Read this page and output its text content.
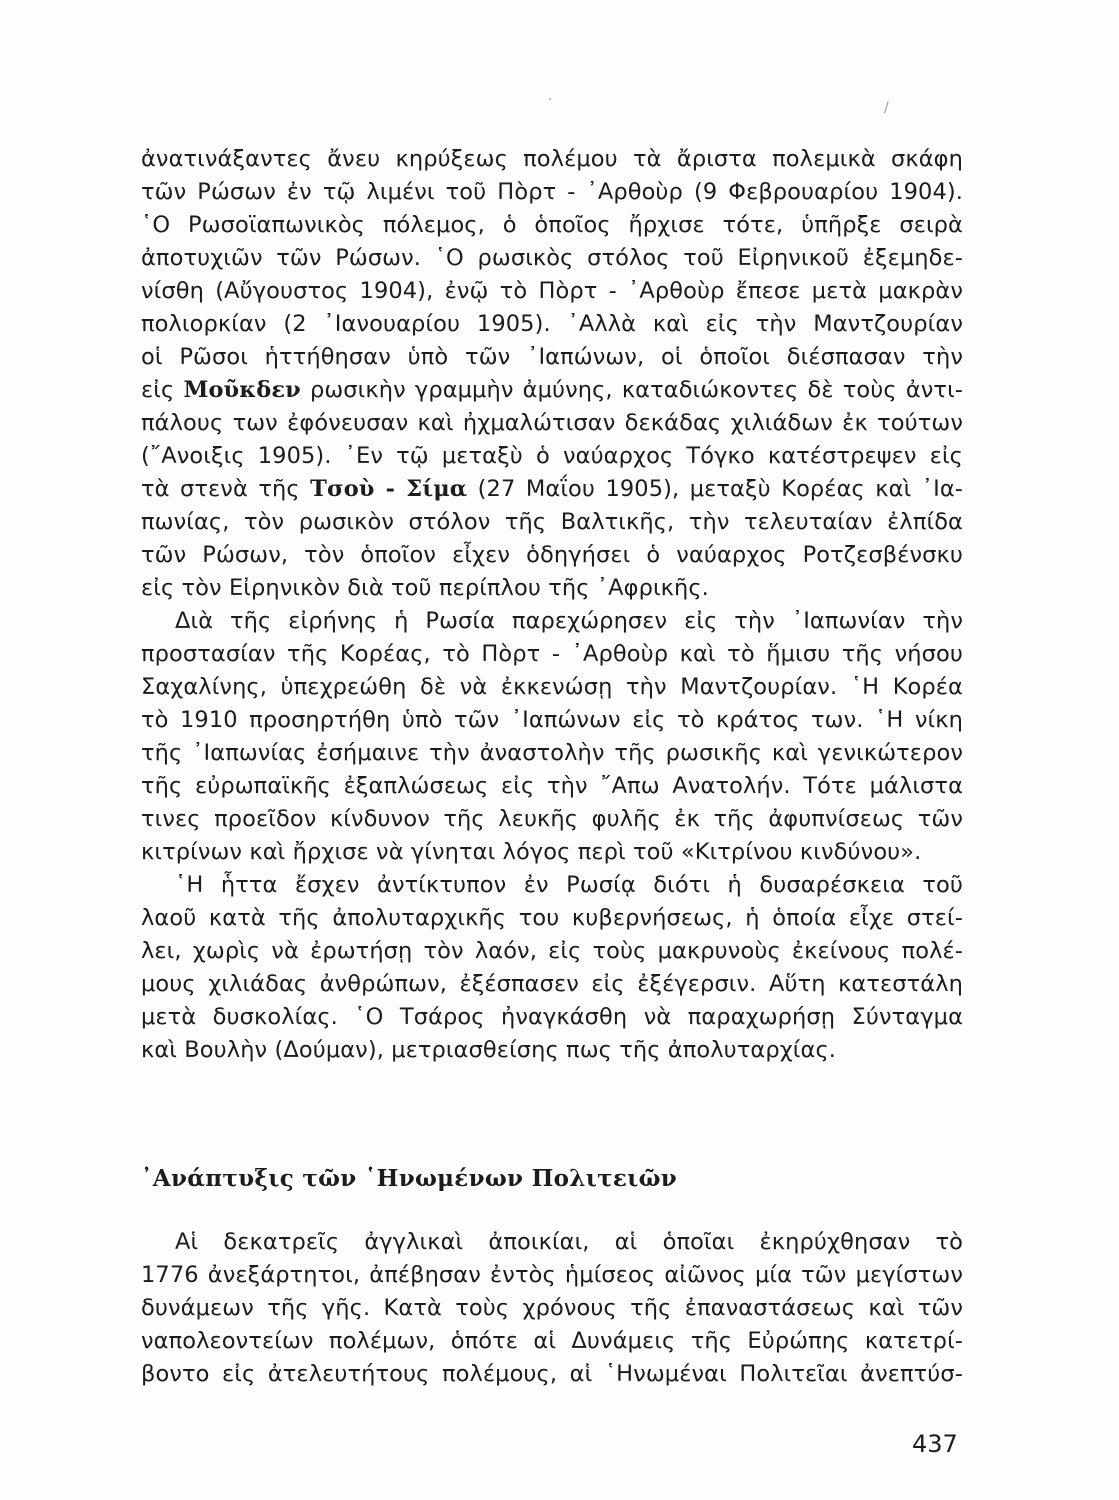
·	/
ἀνατινάξαντες ἄνευ κηρύξεως πολέμου τὰ ἄριστα πολεμικὰ σκάφη
τῶν Ρώσων ἐν τῷ λιμένι τοῦ Πὸρτ - ᾿Αρθοὺρ (9 Φεβρουαρίου 1904).
῾Ο Ρωσοϊαπωνικὸς πόλεμος, ὁ ὁποῖος ἤρχισε τότε, ὑπῆρξε σειρὰ
ἀποτυχιῶν τῶν Ρώσων. ῾Ο ρωσικὸς στόλος τοῦ Εἰρηνικοῦ ἐξεμηδε-
νίσθη (Αὔγουστος 1904), ἐνῷ τὸ Πὸρτ - ᾿Αρθοὺρ ἔπεσε μετὰ μακρὰν
πολιορκίαν (2 ᾿Ιανουαρίου 1905). ᾿Αλλὰ καὶ εἰς τὴν Μαντζουρίαν
οἱ Ρῶσοι ἡττήθησαν ὑπὸ τῶν ᾿Ιαπώνων, οἱ ὁποῖοι διέσπασαν τὴν
εἰς Μοῦκδεν ρωσικὴν γραμμὴν ἀμύνης, καταδιώκοντες δὲ τοὺς ἀντι-
πάλους των ἐφόνευσαν καὶ ἠχμαλώτισαν δεκάδας χιλιάδων ἐκ τούτων
(῎Ανοιξις 1905). ᾿Εν τῷ μεταξὺ ὁ ναύαρχος Τόγκο κατέστρεψεν εἰς
τὰ στενὰ τῆς Τσοὺ - Σίμα (27 Μαΐου 1905), μεταξὺ Κορέας καὶ ᾿Ια-
πωνίας, τὸν ρωσικὸν στόλον τῆς Βαλτικῆς, τὴν τελευταίαν ἐλπίδα
τῶν Ρώσων, τὸν ὁποῖον εἶχεν ὁδηγήσει ὁ ναύαρχος Ροτζεσβένσκυ
εἰς τὸν Εἰρηνικὸν διὰ τοῦ περίπλου τῆς ᾿Αφρικῆς.
Διὰ τῆς εἰρήνης ἡ Ρωσία παρεχώρησεν εἰς τὴν ᾿Ιαπωνίαν τὴν
προστασίαν τῆς Κορέας, τὸ Πὸρτ - ᾿Αρθοὺρ καὶ τὸ ἥμισυ τῆς νήσου
Σαχαλίνης, ὑπεχρεώθη δὲ νὰ ἐκκενώσῃ τὴν Μαντζουρίαν. ῾Η Κορέα
τὸ 1910 προσηρτήθη ὑπὸ τῶν ᾿Ιαπώνων εἰς τὸ κράτος των. ῾Η νίκη
τῆς ᾿Ιαπωνίας ἐσήμαινε τὴν ἀναστολὴν τῆς ρωσικῆς καὶ γενικώτερον
τῆς εὐρωπαϊκῆς ἐξαπλώσεως εἰς τὴν ῎Απω Ανατολήν. Τότε μάλιστα
τινες προεῖδον κίνδυνον τῆς λευκῆς φυλῆς ἐκ τῆς ἀφυπνίσεως τῶν
κιτρίνων καὶ ἤρχισε νὰ γίνηται λόγος περὶ τοῦ «Κιτρίνου κινδύνου».
῾Η ἧττα ἔσχεν ἀντίκτυπον ἐν Ρωσίᾳ διότι ἡ δυσαρέσκεια τοῦ
λαοῦ κατὰ τῆς ἀπολυταρχικῆς του κυβερνήσεως, ἡ ὁποία εἶχε στεί-
λει, χωρὶς νὰ ἐρωτήσῃ τὸν λαόν, εἰς τοὺς μακρυνοὺς ἐκείνους πολέ-
μους χιλιάδας ἀνθρώπων, ἐξέσπασεν εἰς ἐξέγερσιν. Αὕτη κατεστάλη
μετὰ δυσκολίας. ῾Ο Τσάρος ἠναγκάσθη νὰ παραχωρήσῃ Σύνταγμα
καὶ Βουλὴν (Δούμαν), μετριασθείσης πως τῆς ἀπολυταρχίας.
᾿Ανάπτυξις τῶν ῾Ηνωμένων Πολιτειῶν
Αἱ δεκατρεῖς ἀγγλικαὶ ἀποικίαι, αἱ ὁποῖαι ἐκηρύχθησαν τὸ
1776 ἀνεξάρτητοι, ἀπέβησαν ἐντὸς ἡμίσεος αἰῶνος μία τῶν μεγίστων
δυνάμεων τῆς γῆς. Κατὰ τοὺς χρόνους τῆς ἐπαναστάσεως καὶ τῶν
ναπολεοντείων πολέμων, ὁπότε αἱ Δυνάμεις τῆς Εὐρώπης κατετρί-
βοντο εἰς ἀτελευτήτους πολέμους, αἱ ῾Ηνωμέναι Πολιτεῖαι ἀνεπτύσ-
437
